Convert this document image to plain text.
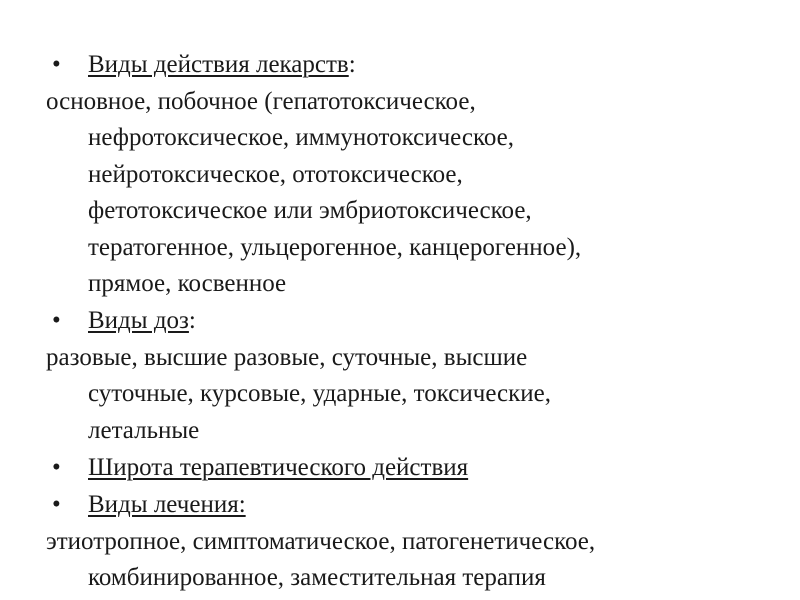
• Виды действия лекарств:
основное, побочное (гепатотоксическое,
нефротоксическое, иммунотоксическое,
нейротоксическое, ототоксическое,
фетотоксическое или эмбриотоксическое,
тератогенное, ульцерогенное, канцерогенное),
прямое, косвенное
• Виды доз:
разовые, высшие разовые, суточные, высшие
суточные, курсовые, ударные, токсические,
летальные
• Широта терапевтического действия
• Виды лечения:
этиотропное, симптоматическое, патогенетическое,
комбинированное, заместительная терапия
